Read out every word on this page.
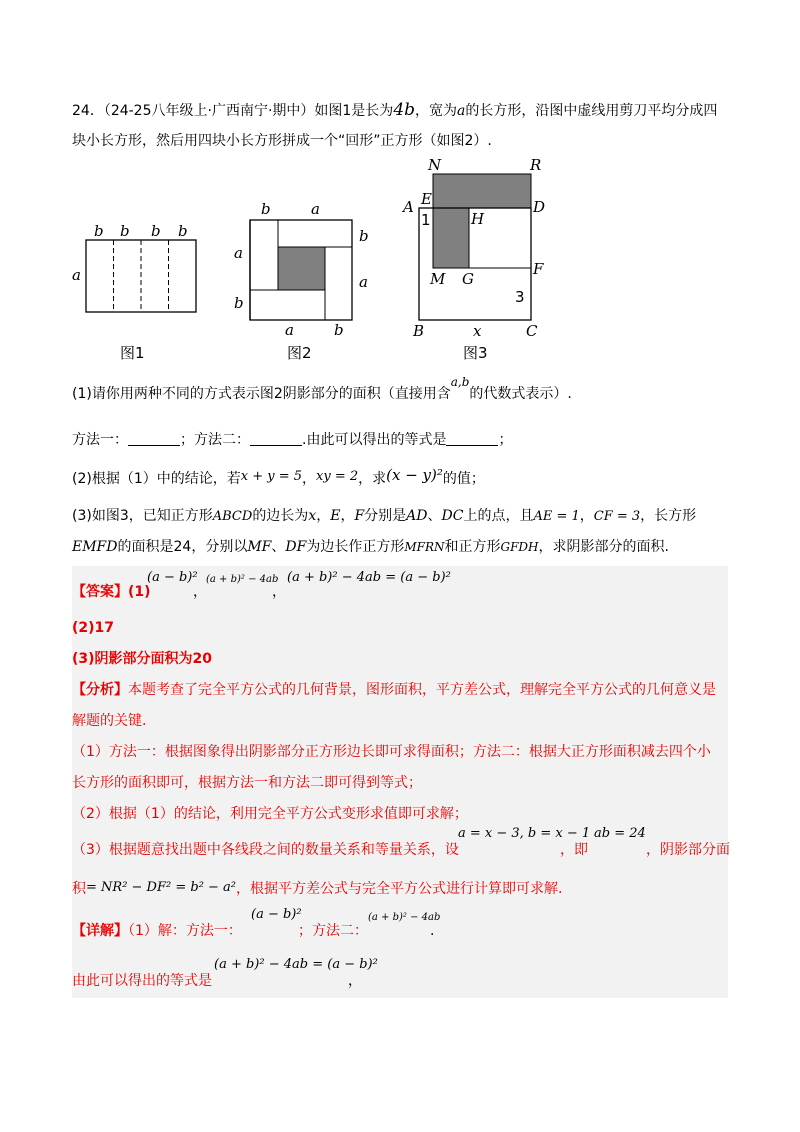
24．（24-25八年级上·广西南宁·期中）如图1是长为4b，宽为a的长方形，沿图中虚线用剪刀平均分成四
块小长方形，然后用四块小长方形拼成一个“回形”正方形（如图2）.
b b b b
a
图1
b	a
b
a
a
b
a	b
图2
N	R
E
A	D
1	H
M G
F
3
B	x	C
图3
(1)请你用两种不同的方式表示图2阴影部分的面积（直接用含a,b的代数式表示）.
方法一：	；方法二：	.由此可以得出的等式是	；
(2)根据（1）中的结论，若x + y = 5，xy = 2，求(x − y)²的值；
(3)如图3，已知正方形ABCD的边长为x，E，F分别是AD、DC上的点，且AE = 1，CF = 3，长方形
EMFD的面积是24，分别以MF、DF为边长作正方形MFRN和正方形GFDH，求阴影部分的面积.
【答案】(1)
(a − b)² (a + b)² − 4ab
，	，
(a + b)² − 4ab = (a − b)²
(2)17
(3)阴影部分面积为20
【分析】本题考查了完全平方公式的几何背景，图形面积，平方差公式，理解完全平方公式的几何意义是
解题的关键.
（1）方法一：根据图象得出阴影部分正方形边长即可求得面积；方法二：根据大正方形面积减去四个小
长方形的面积即可，根据方法一和方法二即可得到等式；
（2）根据（1）的结论，利用完全平方公式变形求值即可求解；
（3）根据题意找出题中各线段之间的数量关系和等量关系，设
a = x − 3, b = x − 1
，即
ab = 24
，阴影部分面
积= NR² − DF² = b² − a²，根据平方差公式与完全平方公式进行计算即可求解.
【详解】（1）解：方法一：
(a − b)²
；方法二：
(a + b)² − 4ab
.
由此可以得出的等式是
(a + b)² − 4ab = (a − b)²
，
